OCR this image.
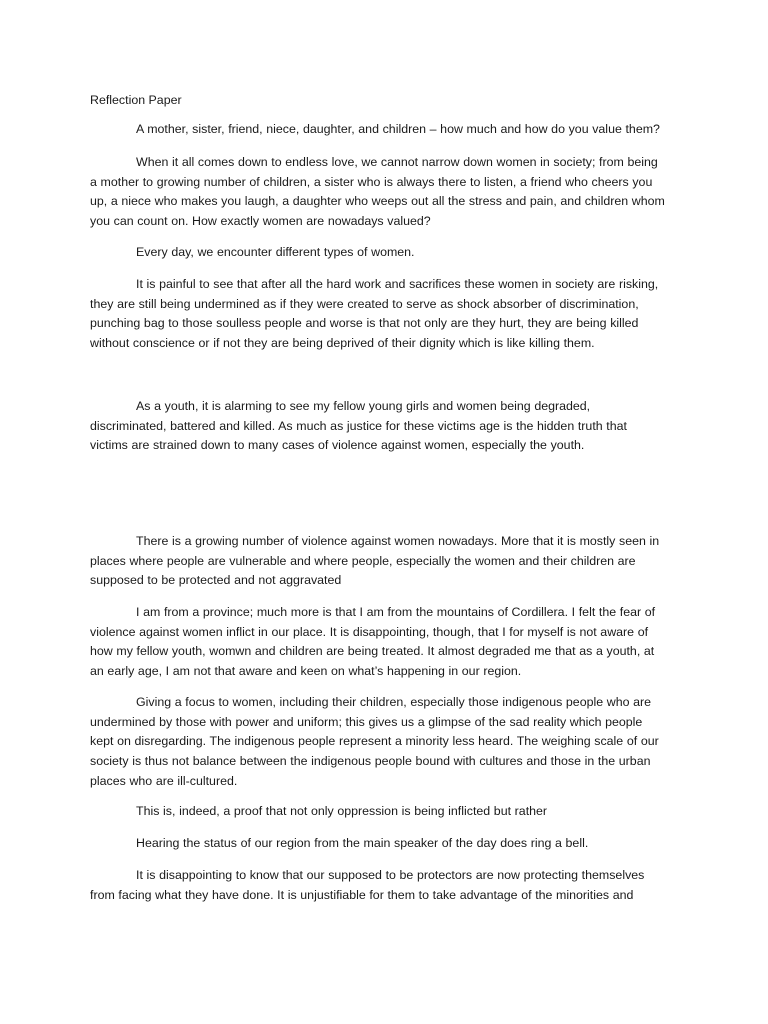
Reflection Paper
A mother, sister, friend, niece, daughter, and children – how much and how do you value them?
When it all comes down to endless love, we cannot narrow down women in society; from being
a mother to growing number of children, a sister who is always there to listen, a friend who cheers you
up, a niece who makes you laugh, a daughter who weeps out all the stress and pain, and children whom
you can count on. How exactly women are nowadays valued?
Every day, we encounter different types of women.
It is painful to see that after all the hard work and sacrifices these women in society are risking,
they are still being undermined as if they were created to serve as shock absorber of discrimination,
punching bag to those soulless people and worse is that not only are they hurt, they are being killed
without conscience or if not they are being deprived of their dignity which is like killing them.
As a youth, it is alarming to see my fellow young girls and women being degraded,
discriminated, battered and killed. As much as justice for these victims age is the hidden truth that
victims are strained down to many cases of violence against women, especially the youth.
There is a growing number of violence against women nowadays. More that it is mostly seen in
places where people are vulnerable and where people, especially the women and their children are
supposed to be protected and not aggravated
I am from a province; much more is that I am from the mountains of Cordillera. I felt the fear of
violence against women inflict in our place. It is disappointing, though, that I for myself is not aware of
how my fellow youth, womwn and children are being treated. It almost degraded me that as a youth, at
an early age, I am not that aware and keen on what’s happening in our region.
Giving a focus to women, including their children, especially those indigenous people who are
undermined by those with power and uniform; this gives us a glimpse of the sad reality which people
kept on disregarding. The indigenous people represent a minority less heard. The weighing scale of our
society is thus not balance between the indigenous people bound with cultures and those in the urban
places who are ill-cultured.
This is, indeed, a proof that not only oppression is being inflicted but rather
Hearing the status of our region from the main speaker of the day does ring a bell.
It is disappointing to know that our supposed to be protectors are now protecting themselves
from facing what they have done. It is unjustifiable for them to take advantage of the minorities and
